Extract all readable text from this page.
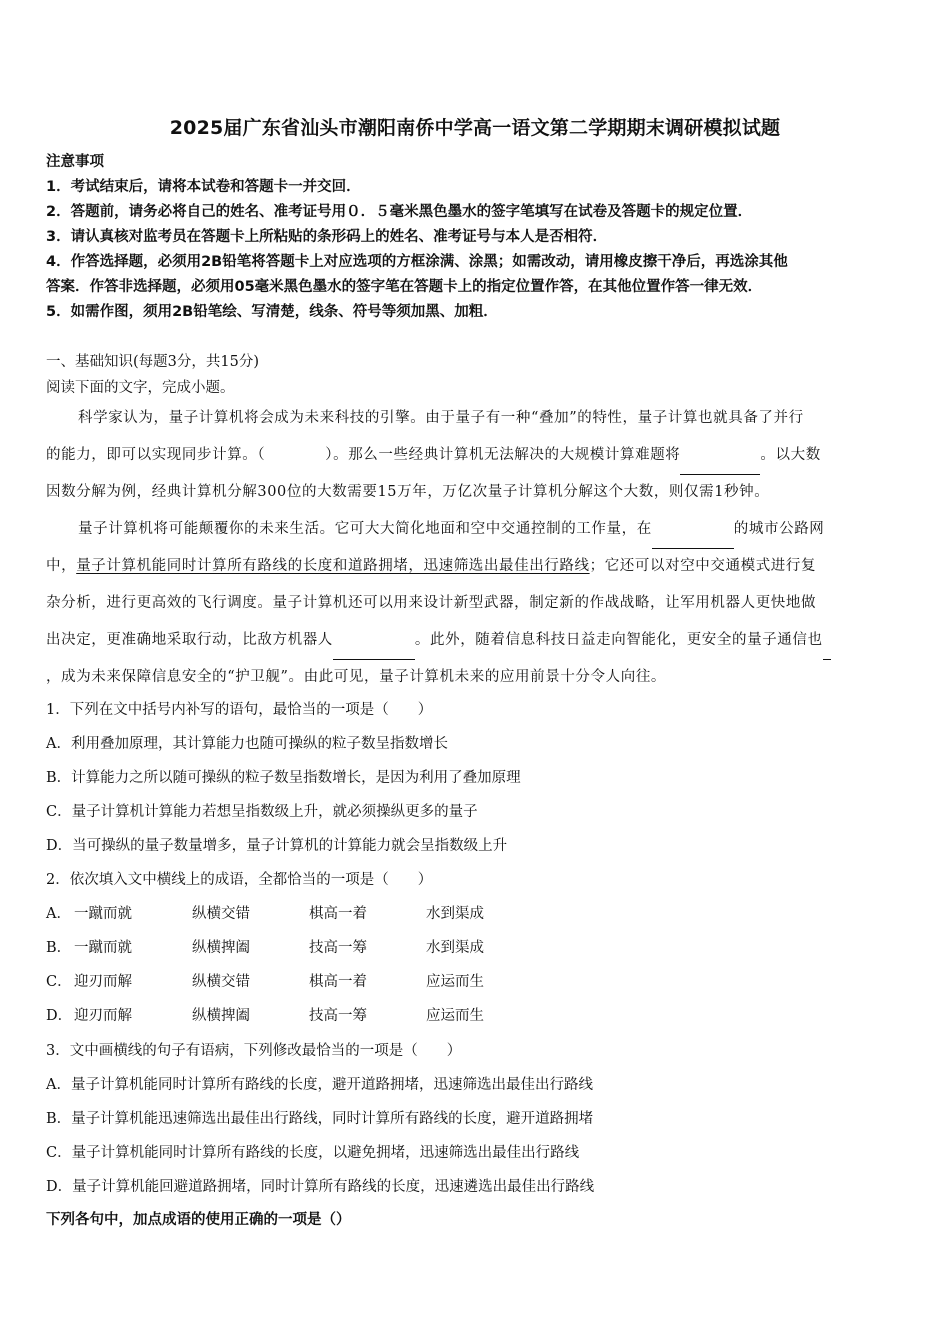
2025届广东省汕头市潮阳南侨中学高一语文第二学期期末调研模拟试题
注意事项
1．考试结束后，请将本试卷和答题卡一并交回．
2．答题前，请务必将自己的姓名、准考证号用０．５毫米黑色墨水的签字笔填写在试卷及答题卡的规定位置．
3．请认真核对监考员在答题卡上所粘贴的条形码上的姓名、准考证号与本人是否相符．
4．作答选择题，必须用2B铅笔将答题卡上对应选项的方框涂满、涂黑；如需改动，请用橡皮擦干净后，再选涂其他
答案．作答非选择题，必须用05毫米黑色墨水的签字笔在答题卡上的指定位置作答，在其他位置作答一律无效．
5．如需作图，须用2B铅笔绘、写清楚，线条、符号等须加黑、加粗．
一、基础知识(每题3分，共15分)
阅读下面的文字，完成小题。
科学家认为，量子计算机将会成为未来科技的引擎。由于量子有一种“叠加”的特性，量子计算也就具备了并行
的能力，即可以实现同步计算。（	）。那么一些经典计算机无法解决的大规模计算难题将	。以大数
因数分解为例，经典计算机分解300位的大数需要15万年，万亿次量子计算机分解这个大数，则仅需1秒钟。
量子计算机将可能颠覆你的未来生活。它可大大简化地面和空中交通控制的工作量，在	的城市公路网
中，量子计算机能同时计算所有路线的长度和道路拥堵，迅速筛选出最佳出行路线；它还可以对空中交通模式进行复
杂分析，进行更高效的飞行调度。量子计算机还可以用来设计新型武器，制定新的作战战略，让军用机器人更快地做
出决定，更准确地采取行动，比敌方机器人	。此外，随着信息科技日益走向智能化，更安全的量子通信也
，成为未来保障信息安全的“护卫舰”。由此可见，量子计算机未来的应用前景十分令人向往。
1．下列在文中括号内补写的语句，最恰当的一项是（　　）
A．利用叠加原理，其计算能力也随可操纵的粒子数呈指数增长
B．计算能力之所以随可操纵的粒子数呈指数增长，是因为利用了叠加原理
C．量子计算机计算能力若想呈指数级上升，就必须操纵更多的量子
D．当可操纵的量子数量增多，量子计算机的计算能力就会呈指数级上升
2．依次填入文中横线上的成语，全都恰当的一项是（　　）
A． 一蹴而就	纵横交错	棋高一着	水到渠成
B． 一蹴而就	纵横捭阖	技高一筹	水到渠成
C． 迎刃而解	纵横交错	棋高一着	应运而生
D． 迎刃而解	纵横捭阖	技高一筹	应运而生
3．文中画横线的句子有语病，下列修改最恰当的一项是（　　）
A．量子计算机能同时计算所有路线的长度，避开道路拥堵，迅速筛选出最佳出行路线
B．量子计算机能迅速筛选出最佳出行路线，同时计算所有路线的长度，避开道路拥堵
C．量子计算机能同时计算所有路线的长度，以避免拥堵，迅速筛选出最佳出行路线
D．量子计算机能回避道路拥堵，同时计算所有路线的长度，迅速遴选出最佳出行路线
下列各句中，加点成语的使用正确的一项是（）
